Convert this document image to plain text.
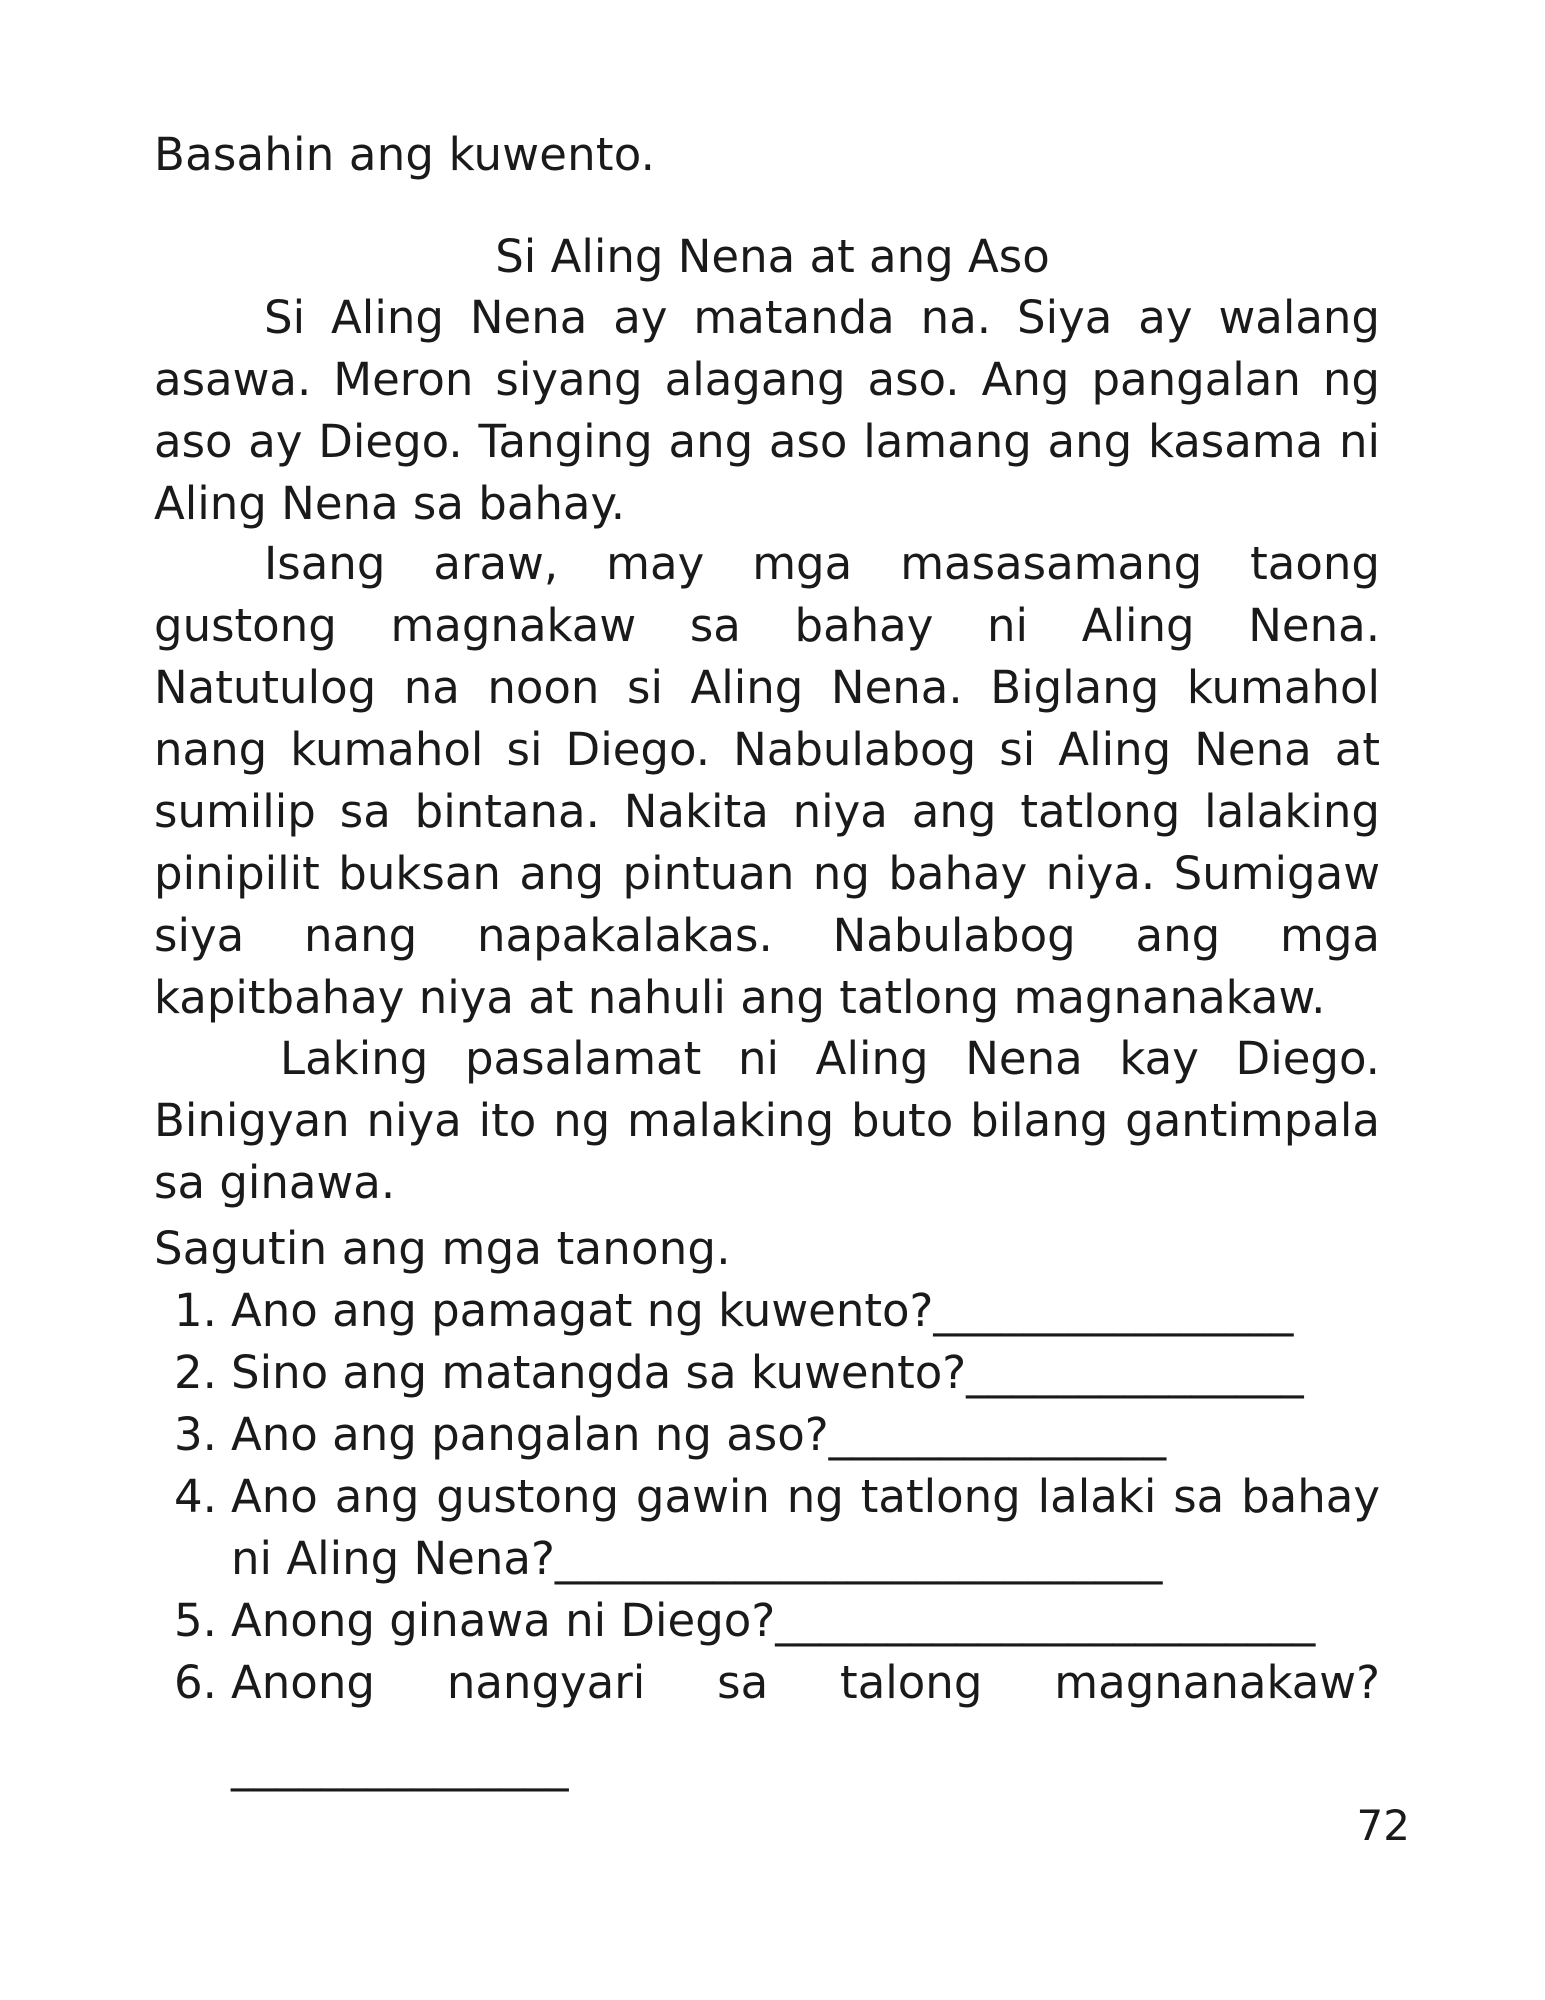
Basahin ang kuwento.
Si Aling Nena at ang Aso
Si Aling Nena ay matanda na. Siya ay walang asawa. Meron siyang alagang aso. Ang pangalan ng aso ay Diego. Tanging ang aso lamang ang kasama ni Aling Nena sa bahay.
Isang araw, may mga masasamang taong gustong magnakaw sa bahay ni Aling Nena. Natutulog na noon si Aling Nena. Biglang kumahol nang kumahol si Diego. Nabulabog si Aling Nena at sumilip sa bintana. Nakita niya ang tatlong lalaking pinipilit buksan ang pintuan ng bahay niya. Sumigaw siya nang napakalakas. Nabulabog ang mga kapitbahay niya at nahuli ang tatlong magnanakaw.
Laking pasalamat ni Aling Nena kay Diego. Binigyan niya ito ng malaking buto bilang gantimpala sa ginawa.
Sagutin ang mga tanong.
1. Ano ang pamagat ng kuwento?________________
2. Sino ang matangda sa kuwento?_______________
3. Ano ang pangalan ng aso?_______________
4. Ano ang gustong gawin ng tatlong lalaki sa bahay ni Aling Nena?___________________________
5. Anong ginawa ni Diego?________________________
6. Anong nangyari sa talong magnanakaw?
_______________
72
